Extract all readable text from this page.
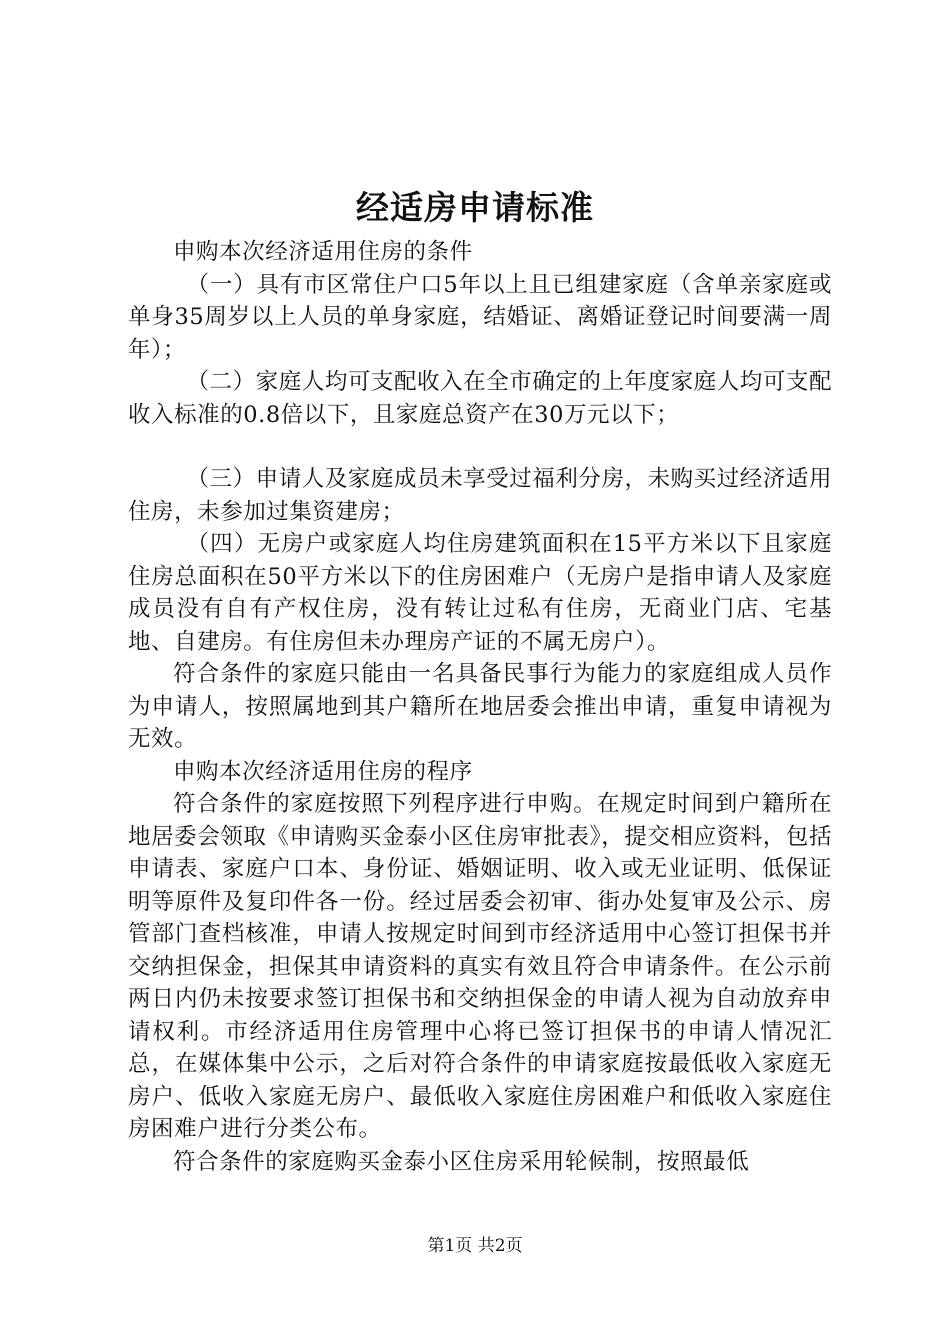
经适房申请标准

申购本次经济适用住房的条件

（一）具有市区常住户口5年以上且已组建家庭（含单亲家庭或单身35周岁以上人员的单身家庭，结婚证、离婚证登记时间要满一周年）；

（二）家庭人均可支配收入在全市确定的上年度家庭人均可支配收入标准的0.8倍以下，且家庭总资产在30万元以下；

（三）申请人及家庭成员未享受过福利分房，未购买过经济适用住房，未参加过集资建房；

（四）无房户或家庭人均住房建筑面积在15平方米以下且家庭住房总面积在50平方米以下的住房困难户（无房户是指申请人及家庭成员没有自有产权住房，没有转让过私有住房，无商业门店、宅基地、自建房。有住房但未办理房产证的不属无房户）。

符合条件的家庭只能由一名具备民事行为能力的家庭组成人员作为申请人，按照属地到其户籍所在地居委会推出申请，重复申请视为无效。

申购本次经济适用住房的程序

符合条件的家庭按照下列程序进行申购。在规定时间到户籍所在地居委会领取《申请购买金泰小区住房审批表》，提交相应资料，包括申请表、家庭户口本、身份证、婚姻证明、收入或无业证明、低保证明等原件及复印件各一份。经过居委会初审、街办处复审及公示、房管部门查档核准，申请人按规定时间到市经济适用中心签订担保书并交纳担保金，担保其申请资料的真实有效且符合申请条件。在公示前两日内仍未按要求签订担保书和交纳担保金的申请人视为自动放弃申请权利。市经济适用住房管理中心将已签订担保书的申请人情况汇总，在媒体集中公示，之后对符合条件的申请家庭按最低收入家庭无房户、低收入家庭无房户、最低收入家庭住房困难户和低收入家庭住房困难户进行分类公布。

符合条件的家庭购买金泰小区住房采用轮候制，按照最低

第1页 共2页
